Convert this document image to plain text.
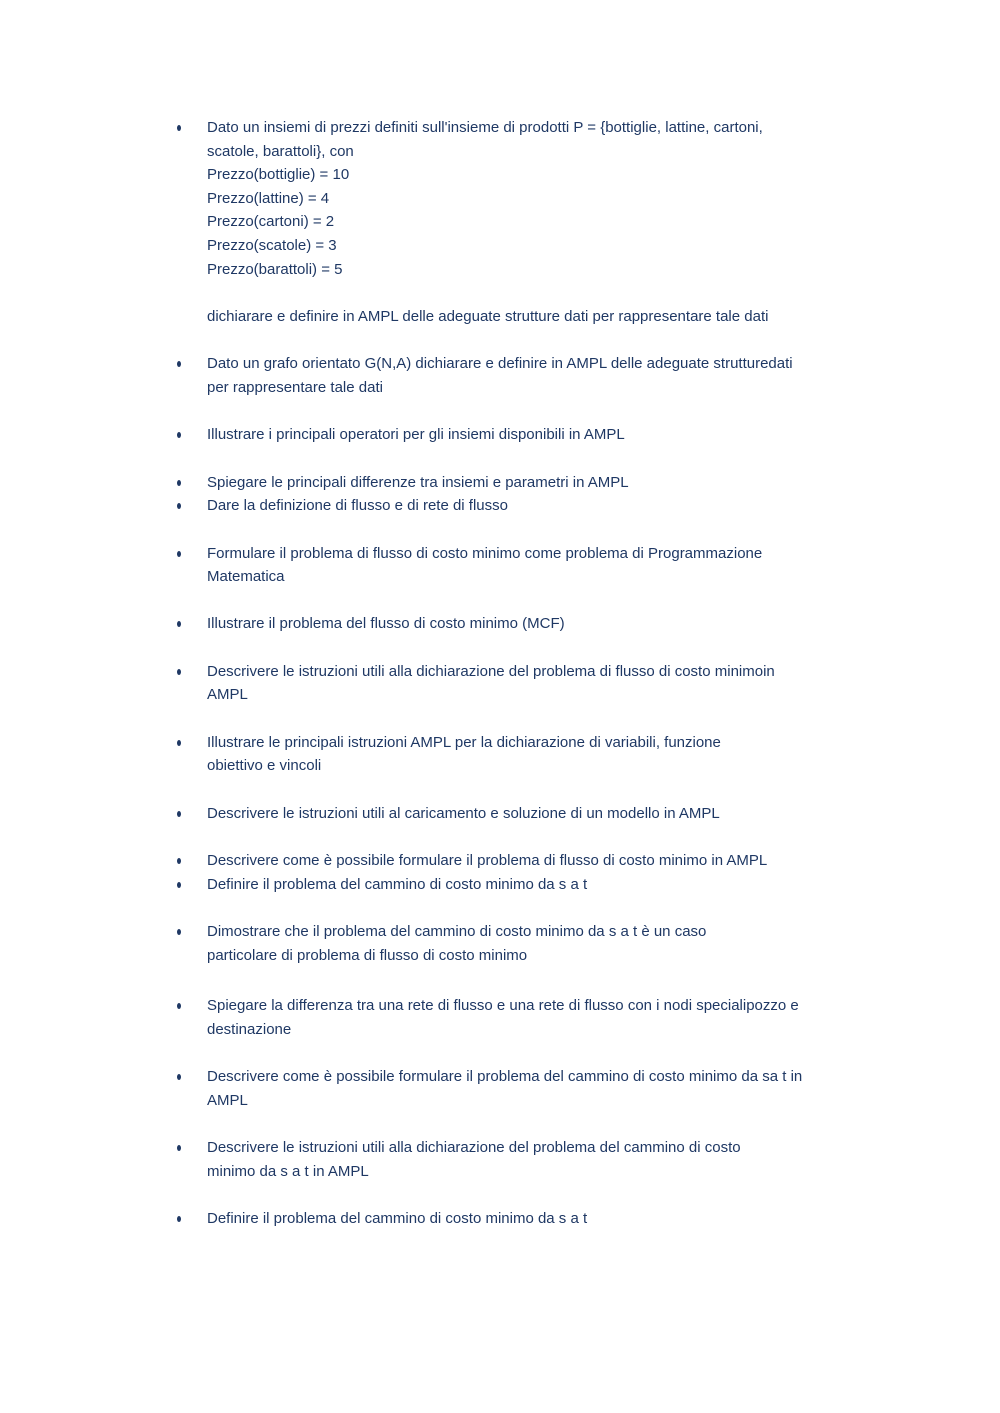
Dato un insiemi di prezzi definiti sull'insieme di prodotti P = {bottiglie, lattine, cartoni,
scatole, barattoli}, con
Prezzo(bottiglie) = 10
Prezzo(lattine) = 4
Prezzo(cartoni) = 2
Prezzo(scatole) = 3
Prezzo(barattoli) = 5
dichiarare e definire in AMPL delle adeguate strutture dati per rappresentare tale dati
Dato un grafo orientato G(N,A) dichiarare e definire in AMPL delle adeguate strutturedati
per rappresentare tale dati
Illustrare i principali operatori per gli insiemi disponibili in AMPL
Spiegare le principali differenze tra insiemi e parametri in AMPL
Dare la definizione di flusso e di rete di flusso
Formulare il problema di flusso di costo minimo come problema di Programmazione
Matematica
Illustrare il problema del flusso di costo minimo (MCF)
Descrivere le istruzioni utili alla dichiarazione del problema di flusso di costo minimoin
AMPL
Illustrare le principali istruzioni AMPL per la dichiarazione di variabili, funzione
obiettivo e vincoli
Descrivere le istruzioni utili al caricamento e soluzione di un modello in AMPL
Descrivere come è possibile formulare il problema di flusso di costo minimo in AMPL
Definire il problema del cammino di costo minimo da s a t
Dimostrare che il problema del cammino di costo minimo da s a t è un caso
particolare di problema di flusso di costo minimo
Spiegare la differenza tra una rete di flusso e una rete di flusso con i nodi specialipozzo e
destinazione
Descrivere come è possibile formulare il problema del cammino di costo minimo da sa t in
AMPL
Descrivere le istruzioni utili alla dichiarazione del problema del cammino di costo
minimo da s a t in AMPL
Definire il problema del cammino di costo minimo da s a t
